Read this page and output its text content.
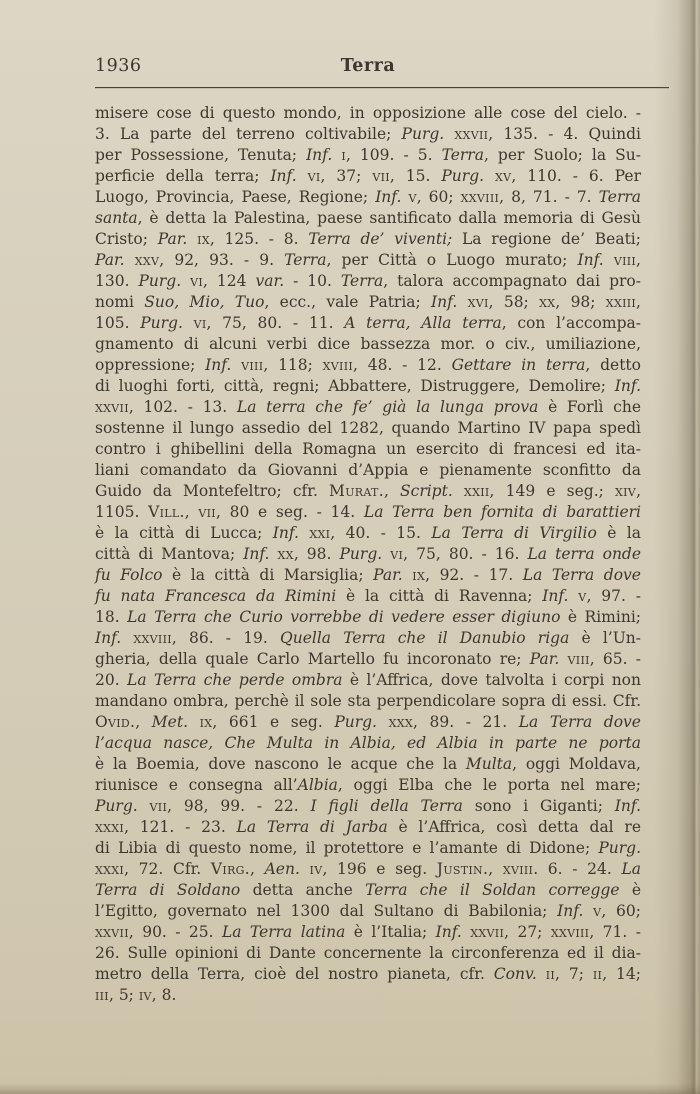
1936	Terra
misere cose di questo mondo, in opposizione alle cose del cielo. -
3. La parte del terreno coltivabile; Purg. xxvii, 135. - 4. Quindi
per Possessione, Tenuta; Inf. i, 109. - 5. Terra, per Suolo; la Su-
perficie della terra; Inf. vi, 37; vii, 15. Purg. xv, 110. - 6. Per
Luogo, Provincia, Paese, Regione; Inf. v, 60; xxviii, 8, 71. - 7. Terra
santa, è detta la Palestina, paese santificato dalla memoria di Gesù
Cristo; Par. ix, 125. - 8. Terra de’ viventi; La regione de’ Beati;
Par. xxv, 92, 93. - 9. Terra, per Città o Luogo murato; Inf. viii,
130. Purg. vi, 124 var. - 10. Terra, talora accompagnato dai pro-
nomi Suo, Mio, Tuo, ecc., vale Patria; Inf. xvi, 58; xx, 98; xxiii,
105. Purg. vi, 75, 80. - 11. A terra, Alla terra, con l’accompa-
gnamento di alcuni verbi dice bassezza mor. o civ., umiliazione,
oppressione; Inf. viii, 118; xviii, 48. - 12. Gettare in terra, detto
di luoghi forti, città, regni; Abbattere, Distruggere, Demolire; Inf.
xxvii, 102. - 13. La terra che fe’ già la lunga prova è Forlì che
sostenne il lungo assedio del 1282, quando Martino IV papa spedì
contro i ghibellini della Romagna un esercito di francesi ed ita-
liani comandato da Giovanni d’Appia e pienamente sconfitto da
Guido da Montefeltro; cfr. Murat., Script. xxii, 149 e seg.; xiv,
1105. Vill., vii, 80 e seg. - 14. La Terra ben fornita di barattieri
è la città di Lucca; Inf. xxi, 40. - 15. La Terra di Virgilio è la
città di Mantova; Inf. xx, 98. Purg. vi, 75, 80. - 16. La terra onde
fu Folco è la città di Marsiglia; Par. ix, 92. - 17. La Terra dove
fu nata Francesca da Rimini è la città di Ravenna; Inf. v, 97. -
18. La Terra che Curio vorrebbe di vedere esser digiuno è Rimini;
Inf. xxviii, 86. - 19. Quella Terra che il Danubio riga è l’Un-
gheria, della quale Carlo Martello fu incoronato re; Par. viii, 65. -
20. La Terra che perde ombra è l’Affrica, dove talvolta i corpi non
mandano ombra, perchè il sole sta perpendicolare sopra di essi. Cfr.
Ovid., Met. ix, 661 e seg. Purg. xxx, 89. - 21. La Terra dove
l’acqua nasce, Che Multa in Albia, ed Albia in parte ne porta
è la Boemia, dove nascono le acque che la Multa, oggi Moldava,
riunisce e consegna all’Albia, oggi Elba che le porta nel mare;
Purg. vii, 98, 99. - 22. I figli della Terra sono i Giganti; Inf.
xxxi, 121. - 23. La Terra di Jarba è l’Affrica, così detta dal re
di Libia di questo nome, il protettore e l’amante di Didone; Purg.
xxxi, 72. Cfr. Virg., Aen. iv, 196 e seg. Justin., xviii. 6. - 24. La
Terra di Soldano detta anche Terra che il Soldan corregge è
l’Egitto, governato nel 1300 dal Sultano di Babilonia; Inf. v, 60;
xxvii, 90. - 25. La Terra latina è l’Italia; Inf. xxvii, 27; xxviii, 71. -
26. Sulle opinioni di Dante concernente la circonferenza ed il dia-
metro della Terra, cioè del nostro pianeta, cfr. Conv. ii, 7; ii, 14;
iii, 5; iv, 8.
